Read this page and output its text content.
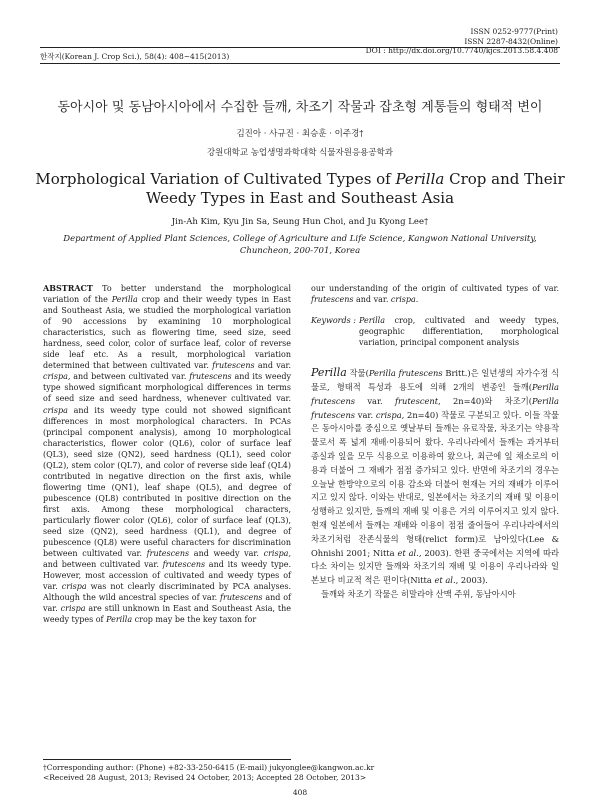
ISSN 0252-9777(Print)
ISSN 2287-8432(Online)
DOI : http://dx.doi.org/10.7740/kjcs.2013.58.4.408
한작지(Korean J. Crop Sci.), 58(4): 408~415(2013)
동아시아 및 동남아시아에서 수집한 들깨, 차조기 작물과 잡초형 계통들의 형태적 변이
김진아 · 사규진 · 최승훈 · 이주경†
강원대학교 농업생명과학대학 식물자원응용공학과
Morphological Variation of Cultivated Types of Perilla Crop and Their Weedy Types in East and Southeast Asia
Jin-Ah Kim, Kyu Jin Sa, Seung Hun Choi, and Ju Kyong Lee†
Department of Applied Plant Sciences, College of Agriculture and Life Science, Kangwon National University,
Chuncheon, 200-701, Korea

ABSTRACT To better understand the morphological variation of the Perilla crop and their weedy types in East and Southeast Asia, we studied the morphological variation of 90 accessions by examining 10 morphological characteristics, such as flowering time, seed size, seed hardness, seed color, color of surface leaf, color of reverse side leaf etc. As a result, morphological variation determined that between cultivated var. frutescens and var. crispa, and between cultivated var. frutescens and its weedy type showed significant morphological differences in terms of seed size and seed hardness, whenever cultivated var. crispa and its weedy type could not showed significant differences in most morphological characters. In PCAs (principal component analysis), among 10 morphological characteristics, flower color (QL6), color of surface leaf (QL3), seed size (QN2), seed hardness (QL1), seed color (QL2), stem color (QL7), and color of reverse side leaf (QL4) contributed in negative direction on the first axis, while flowering time (QN1), leaf shape (QL5), and degree of pubescence (QL8) contributed in positive direction on the first axis. Among these morphological characters, particularly flower color (QL6), color of surface leaf (QL3), seed size (QN2), seed hardness (QL1), and degree of pubescence (QL8) were useful characters for discrimination between cultivated var. frutescens and weedy var. crispa, and between cultivated var. frutescens and its weedy type. However, most accession of cultivated and weedy types of var. crispa was not clearly discriminated by PCA analyses. Although the wild ancestral species of var. frutescens and of var. crispa are still unknown in East and Southeast Asia, the weedy types of Perilla crop may be the key taxon for

our understanding of the origin of cultivated types of var. frutescens and var. crispa.

Keywords : Perilla crop, cultivated and weedy types, geographic differentiation, morphological variation, principal component analysis

Perilla 작물(Perilla frutescens Britt.)은 일년생의 자가수정 식물로, 형태적 특성과 용도에 의해 2개의 변종인 들깨(Perilla frutescens var. frutescent, 2n=40)와 차조기(Perilla frutescens var. crispa, 2n=40) 작물로 구분되고 있다. 이들 작물은 동아시아를 중심으로 옛날부터 들깨는 유료작물, 차조기는 약용작물로서 폭 넓게 재배·이용되어 왔다. 우리나라에서 들깨는 과거부터 종실과 잎을 모두 식용으로 이용하여 왔으나, 최근에 잎 채소로의 이용과 더불어 그 재배가 점점 증가되고 있다. 반면에 차조기의 경우는 오늘날 한방약으로의 이용 감소와 더불어 현재는 거의 재배가 이루어지고 있지 않다. 이와는 반대로, 일본에서는 차조기의 재배 및 이용이 성행하고 있지만, 들깨의 재배 및 이용은 거의 이루어지고 있지 않다. 현재 일본에서 들깨는 재배와 이용이 점점 줄어들어 우리나라에서의 차조기처럼 잔존식물의 형태(relict form)로 남아있다(Lee & Ohnishi 2001; Nitta et al., 2003). 한편 중국에서는 지역에 따라 다소 차이는 있지만 들깨와 차조기의 재배 및 이용이 우리나라와 일본보다 비교적 적은 편이다(Nitta et al., 2003).

들깨와 차조기 작물은 히말라야 산맥 주위, 동남아시아

†Corresponding author: (Phone) +82-33-250-6415 (E-mail) jukyonglee@kangwon.ac.kr
<Received 28 August, 2013; Revised 24 October, 2013; Accepted 28 October, 2013>
408
